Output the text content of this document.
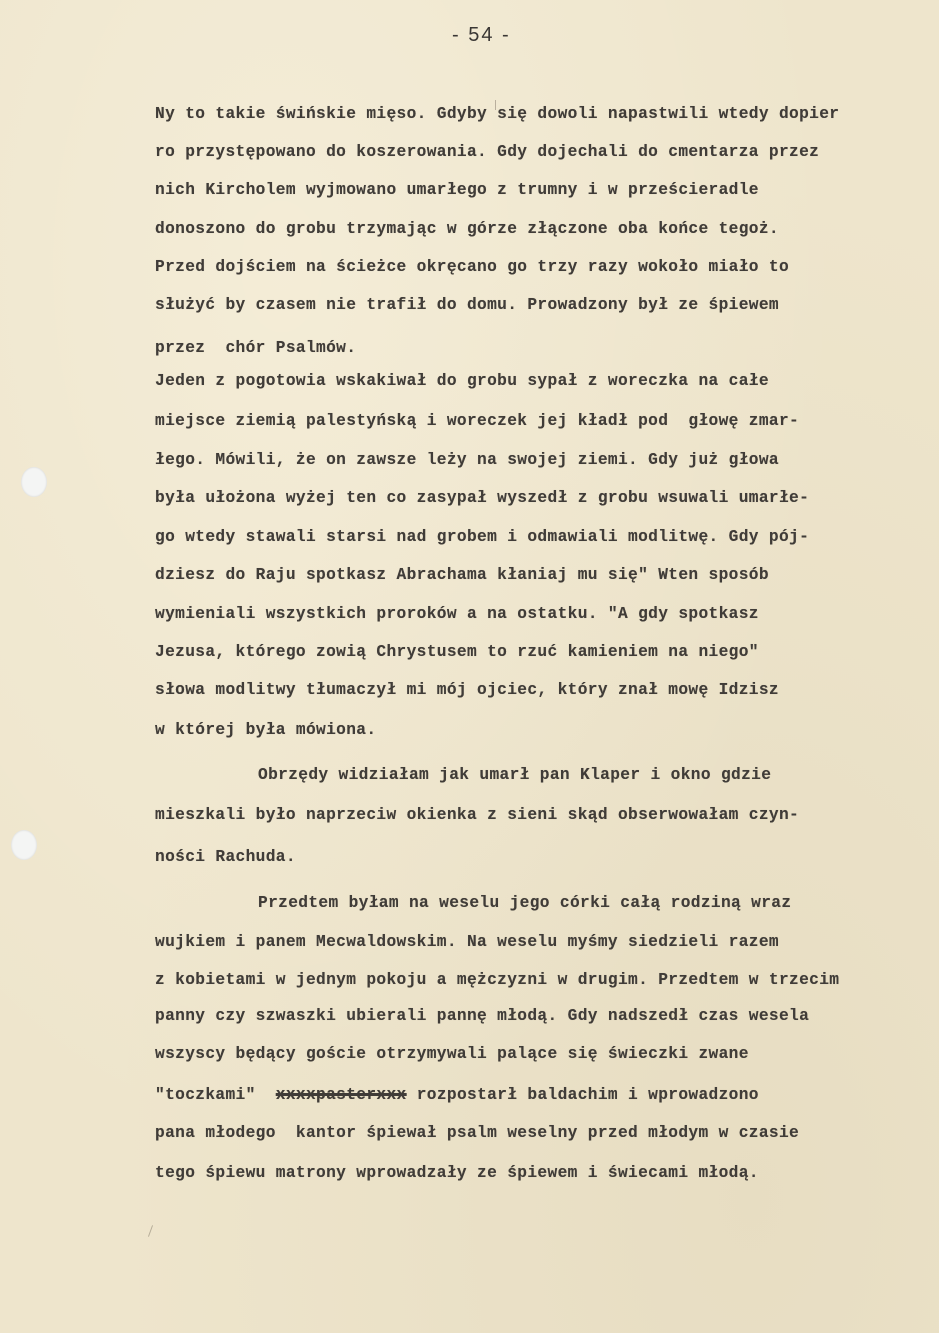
- 54 -
Ny to takie świńskie mięso. Gdyby się dowoli napastwili wtedy dopier
ro przystępowano do koszerowania. Gdy dojechali do cmentarza przez
nich Kircholem wyjmowano umarłego z trumny i w prześcieradle
donoszono do grobu trzymając w górze złączone oba końce tegoż.
Przed dojściem na ścieżce okręcano go trzy razy wokoło miało to
służyć by czasem nie trafił do domu. Prowadzony był ze śpiewem
przez  chór Psalmów.
Jeden z pogotowia wskakiwał do grobu sypał z woreczka na całe
miejsce ziemią palestyńską i woreczek jej kładł pod  głowę zmar-
łego. Mówili, że on zawsze leży na swojej ziemi. Gdy już głowa
była ułożona wyżej ten co zasypał wyszedł z grobu wsuwali umarłe-
go wtedy stawali starsi nad grobem i odmawiali modlitwę. Gdy pój-
dziesz do Raju spotkasz Abrachama kłaniaj mu się" Wten sposób
wymieniali wszystkich proroków a na ostatku. "A gdy spotkasz
Jezusa, którego zowią Chrystusem to rzuć kamieniem na niego"
słowa modlitwy tłumaczył mi mój ojciec, który znał mowę Idzisz
w której była mówiona.
Obrzędy widziałam jak umarł pan Klaper i okno gdzie
mieszkali było naprzeciw okienka z sieni skąd obserwowałam czyn-
ności Rachuda.
Przedtem byłam na weselu jego córki całą rodziną wraz
wujkiem i panem Mecwaldowskim. Na weselu myśmy siedzieli razem
z kobietami w jednym pokoju a mężczyzni w drugim. Przedtem w trzecim
panny czy szwaszki ubierali pannę młodą. Gdy nadszedł czas wesela
wszyscy będący goście otrzymywali palące się świeczki zwane
"toczkami"  xxxxpasterxxx rozpostarł baldachim i wprowadzono
pana młodego  kantor śpiewał psalm weselny przed młodym w czasie
tego śpiewu matrony wprowadzały ze śpiewem i świecami młodą.
